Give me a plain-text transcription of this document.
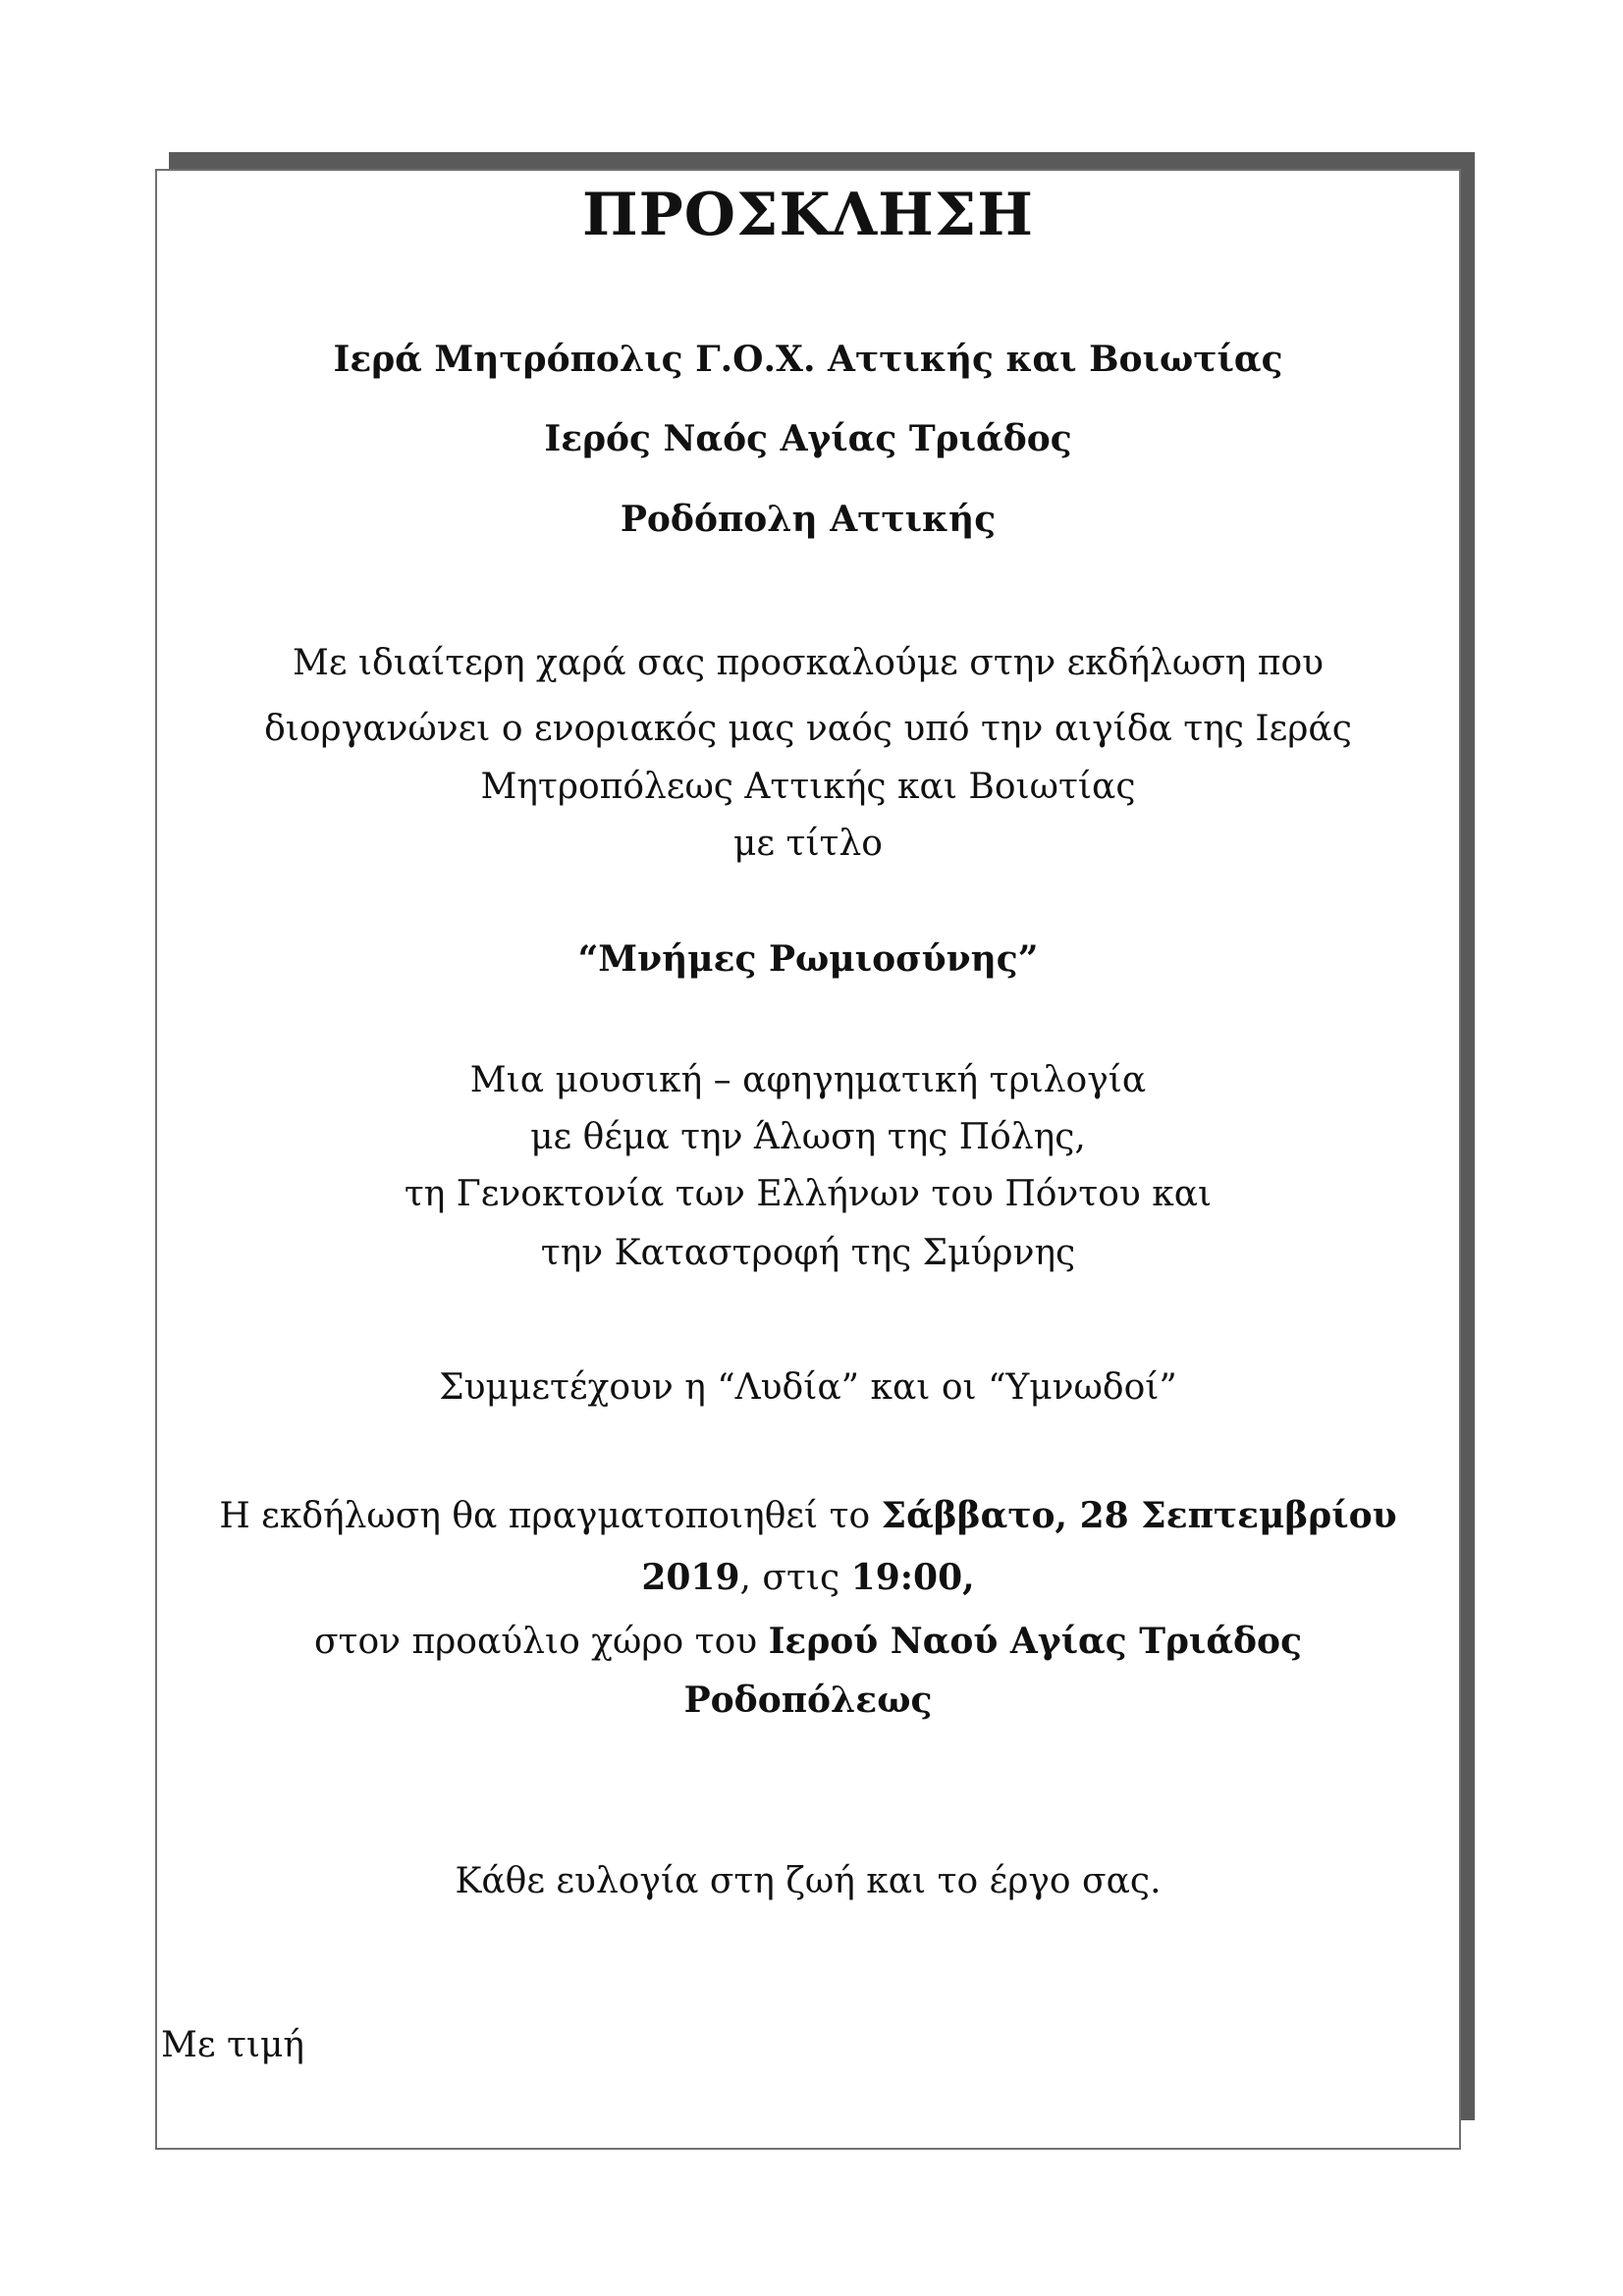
ΠΡΟΣΚΛΗΣΗ
Ιερά Μητρόπολις Γ.Ο.Χ. Αττικής και Βοιωτίας
Ιερός Ναός Αγίας Τριάδος
Ροδόπολη Αττικής
Με ιδιαίτερη χαρά σας προσκαλούμε στην εκδήλωση που
διοργανώνει ο ενοριακός μας ναός υπό την αιγίδα της Ιεράς
Μητροπόλεως Αττικής και Βοιωτίας
με τίτλο
“Μνήμες Ρωμιοσύνης”
Μια μουσική – αφηγηματική τριλογία
με θέμα την Άλωση της Πόλης,
τη Γενοκτονία των Ελλήνων του Πόντου και
την Καταστροφή της Σμύρνης
Συμμετέχουν η “Λυδία” και οι “Υμνωδοί”
Η εκδήλωση θα πραγματοποιηθεί το Σάββατο, 28 Σεπτεμβρίου
2019, στις 19:00,
στον προαύλιο χώρο του Ιερού Ναού Αγίας Τριάδος
Ροδοπόλεως
Κάθε ευλογία στη ζωή και το έργο σας.
Με τιμή
